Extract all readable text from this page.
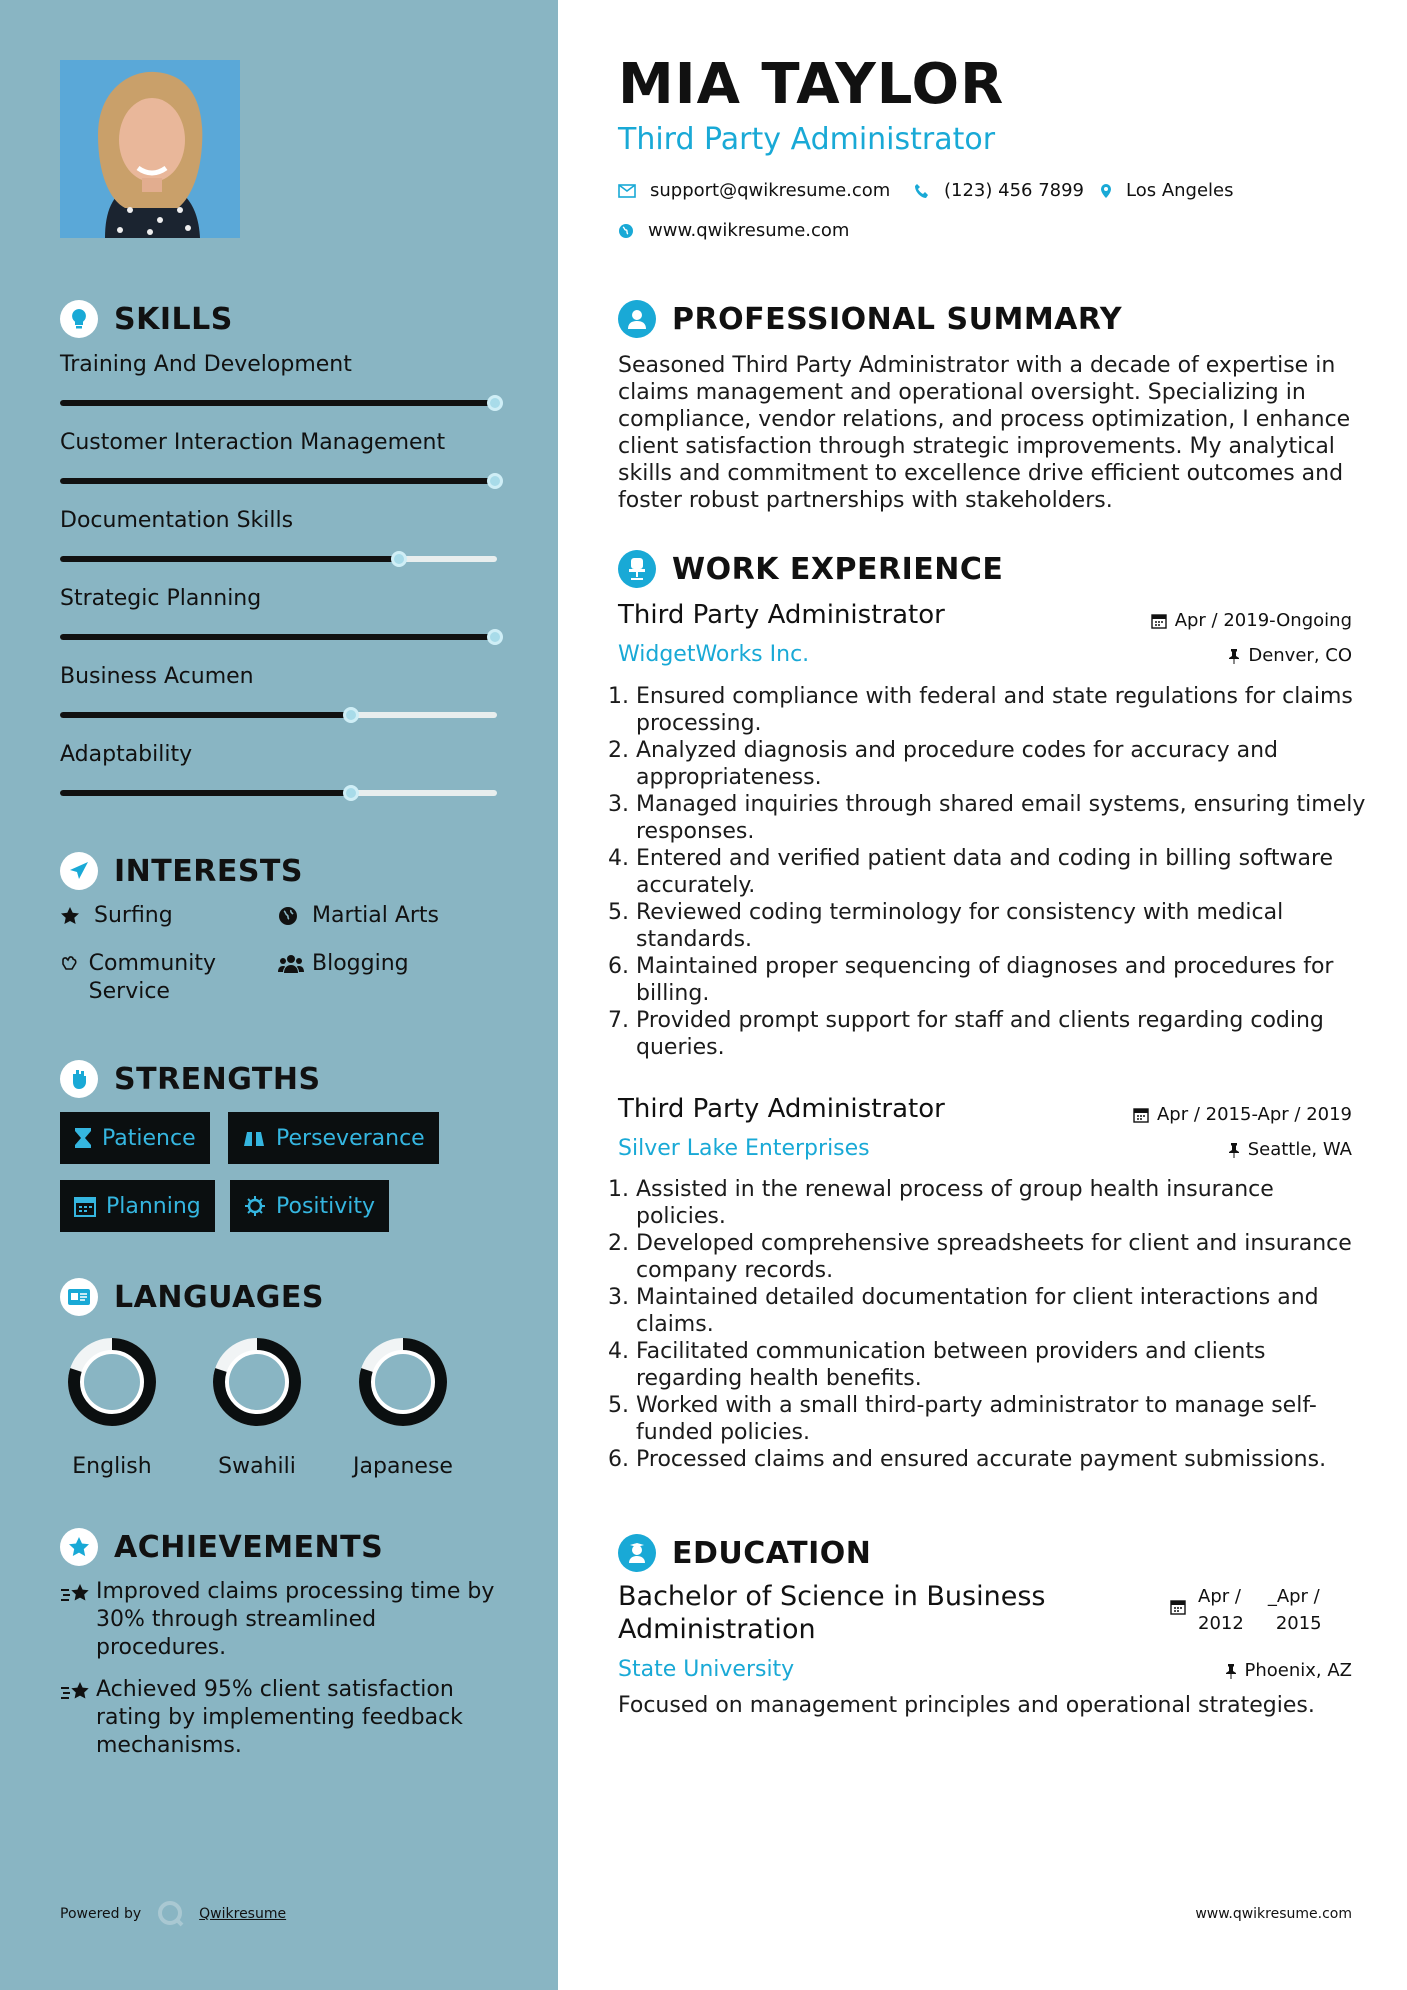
SKILLS
Training And Development
Customer Interaction Management
Documentation Skills
Strategic Planning
Business Acumen
Adaptability
INTERESTS
Surfing	Martial Arts
Community Service
Blogging
STRENGTHS
Patience	Perseverance
Planning	Positivity
LANGUAGES
English	Swahili	Japanese
ACHIEVEMENTS
Improved claims processing time by 30% through streamlined procedures.
Achieved 95% client satisfaction rating by implementing feedback mechanisms.
Powered by	Qwikresume
MIA TAYLOR
Third Party Administrator
support@qwikresume.com	(123) 456 7899 Los Angeles
www.qwikresume.com
PROFESSIONAL SUMMARY
Seasoned Third Party Administrator with a decade of expertise in claims management and operational oversight. Specializing in compliance, vendor relations, and process optimization, I enhance client satisfaction through strategic improvements. My analytical skills and commitment to excellence drive efficient outcomes and foster robust partnerships with stakeholders.
WORK EXPERIENCE
Third Party Administrator	Apr / 2019-Ongoing
WidgetWorks Inc.	Denver, CO
1. Ensured compliance with federal and state regulations for claims processing.
2. Analyzed diagnosis and procedure codes for accuracy and appropriateness.
3. Managed inquiries through shared email systems, ensuring timely responses.
4. Entered and verified patient data and coding in billing software accurately.
5. Reviewed coding terminology for consistency with medical standards.
6. Maintained proper sequencing of diagnoses and procedures for billing.
7. Provided prompt support for staff and clients regarding coding queries.
Third Party Administrator	Apr / 2015-Apr / 2019
Silver Lake Enterprises	Seattle, WA
1. Assisted in the renewal process of group health insurance policies.
2. Developed comprehensive spreadsheets for client and insurance company records.
3. Maintained detailed documentation for client interactions and claims.
4. Facilitated communication between providers and clients regarding health benefits.
5. Worked with a small third-party administrator to manage self-funded policies.
6. Processed claims and ensured accurate payment submissions.
EDUCATION
Bachelor of Science in Business Administration
Apr /
2012
_Apr /
2015
State University	Phoenix, AZ
Focused on management principles and operational strategies.
www.qwikresume.com
